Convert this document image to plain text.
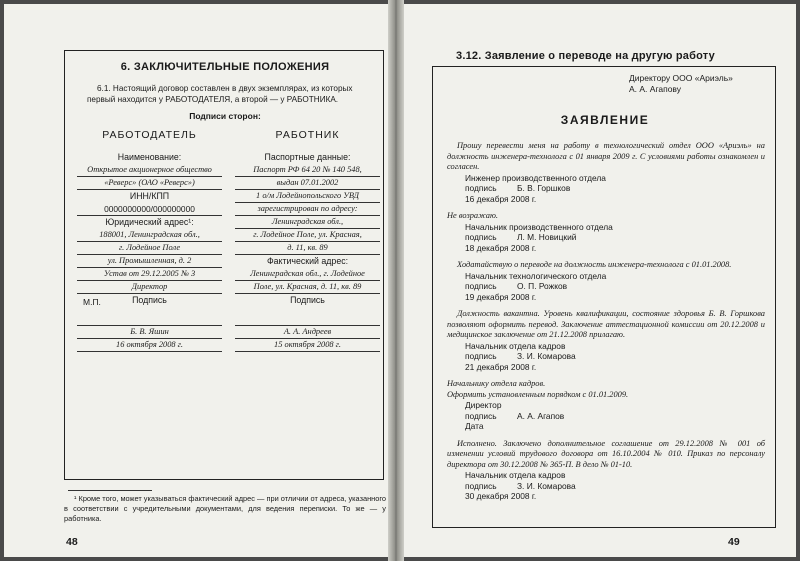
6. ЗАКЛЮЧИТЕЛЬНЫЕ ПОЛОЖЕНИЯ
6.1. Настоящий договор составлен в двух экземплярах, из которых первый находится у РАБОТОДАТЕЛЯ, а второй — у РАБОТНИКА.
Подписи сторон:
РАБОТОДАТЕЛЬ
Наименование:
Открытое акционерное общество
«Реверс» (ОАО «Реверс»)
ИНН/КПП
0000000000/000000000
Юридический адрес¹:
188001, Ленинградская обл.,
г. Лодейное Поле
ул. Промышленная, д. 2
Устав от 29.12.2005 № 3
Директор
Подпись
Б. В. Яшин
16 октября 2008 г.
РАБОТНИК
Паспортные данные:
Паспорт РФ 64 20 № 140 548,
выдан 07.01.2002
1 о/м Лодейнопольского УВД
зарегистрирован по адресу:
Ленинградская обл.,
г. Лодейное Поле, ул. Красная,
д. 11, кв. 89
Фактический адрес:
Ленинградская обл., г. Лодейное
Поле, ул. Красная, д. 11, кв. 89
Подпись
А. А. Андреев
15 октября 2008 г.
М.П.
¹ Кроме того, может указываться фактический адрес — при отличии от адреса, указанного в соответствии с учредительными документами, для ведения переписки. То же — у работника.
48
3.12. Заявление о переводе на другую работу
Директору ООО «Ариэль»
А. А. Агапову
ЗАЯВЛЕНИЕ
Прошу перевести меня на работу в технологический отдел ООО «Ариэль» на должность инженера-технолога с 01 января 2009 г. С условиями работы ознакомлен и согласен.
Инженер производственного отдела
подпись Б. В. Горшков
16 декабря 2008 г.
Не возражаю.
Начальник производственного отдела
подпись Л. М. Новицкий
18 декабря 2008 г.
Ходатайствую о переводе на должность инженера-технолога с 01.01.2008.
Начальник технологического отдела
подпись О. П. Рожков
19 декабря 2008 г.
Должность вакантна. Уровень квалификации, состояние здоровья Б. В. Горшкова позволяют оформить перевод. Заключение аттестационной комиссии от 20.12.2008 и медицинское заключение от 21.12.2008 прилагаю.
Начальник отдела кадров
подпись З. И. Комарова
21 декабря 2008 г.
Начальнику отдела кадров.
Оформить установленным порядком с 01.01.2009.
Директор
подпись А. А. Агапов
Дата
Исполнено. Заключено дополнительное соглашение от 29.12.2008 № 001 об изменении условий трудового договора от 16.10.2004 № 010. Приказ по персоналу директора от 30.12.2008 № 365-П. В дело № 01-10.
Начальник отдела кадров
подпись З. И. Комарова
30 декабря 2008 г.
49
